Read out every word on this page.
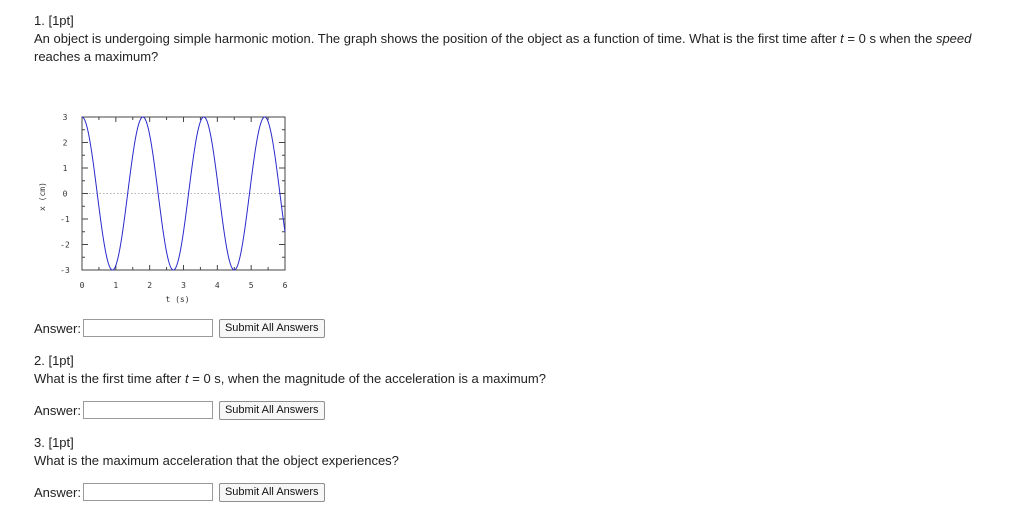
1. [1pt]
An object is undergoing simple harmonic motion. The graph shows the position of the object as a function of time. What is the first time after t = 0 s when the speed reaches a maximum?
0	1	2	3	4	5	6
3
2
1
0
-1
-2
-3
t (s)
x (cm)
Answer:	Submit All Answers
2. [1pt]
What is the first time after t = 0 s, when the magnitude of the acceleration is a maximum?
Answer:	Submit All Answers
3. [1pt]
What is the maximum acceleration that the object experiences?
Answer:	Submit All Answers
